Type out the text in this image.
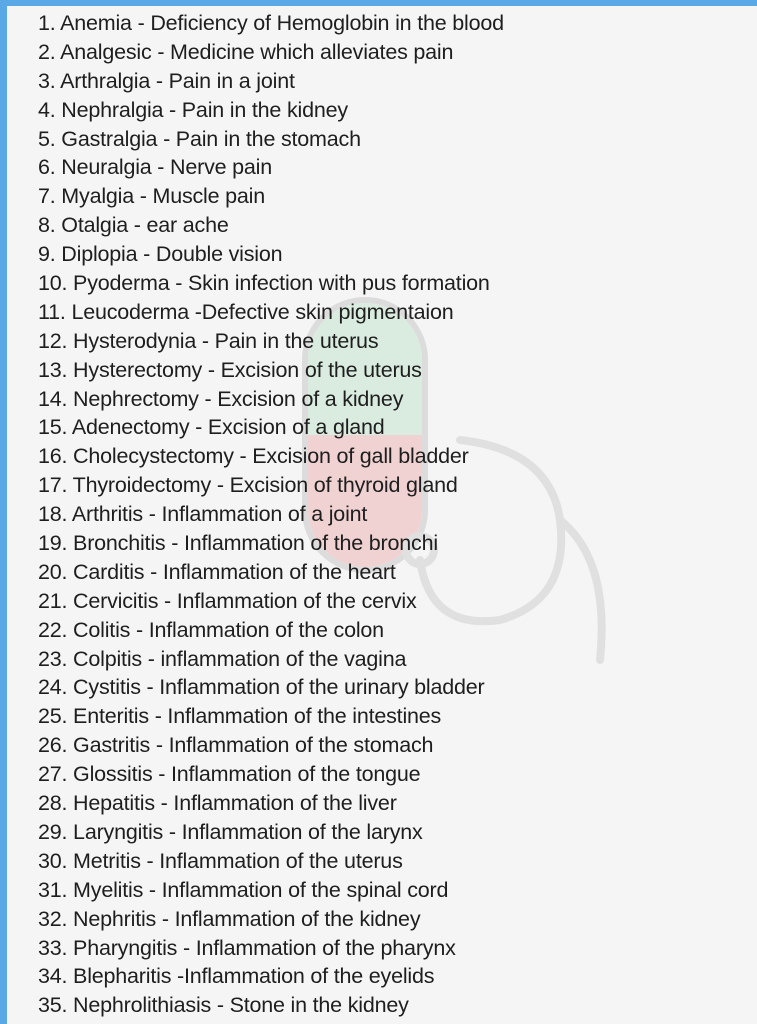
1. Anemia - Deficiency of Hemoglobin in the blood
2. Analgesic - Medicine which alleviates pain
3. Arthralgia - Pain in a joint
4. Nephralgia - Pain in the kidney
5. Gastralgia - Pain in the stomach
6. Neuralgia - Nerve pain
7. Myalgia - Muscle pain
8. Otalgia - ear ache
9. Diplopia - Double vision
10. Pyoderma - Skin infection with pus formation
11. Leucoderma -Defective skin pigmentaion
12. Hysterodynia - Pain in the uterus
13. Hysterectomy - Excision of the uterus
14. Nephrectomy - Excision of a kidney
15. Adenectomy - Excision of a gland
16. Cholecystectomy - Excision of gall bladder
17. Thyroidectomy - Excision of thyroid gland
18. Arthritis - Inflammation of a joint
19. Bronchitis - Inflammation of the bronchi
20. Carditis - Inflammation of the heart
21. Cervicitis - Inflammation of the cervix
22. Colitis - Inflammation of the colon
23. Colpitis - inflammation of the vagina
24. Cystitis - Inflammation of the urinary bladder
25. Enteritis - Inflammation of the intestines
26. Gastritis - Inflammation of the stomach
27. Glossitis - Inflammation of the tongue
28. Hepatitis - Inflammation of the liver
29. Laryngitis - Inflammation of the larynx
30. Metritis - Inflammation of the uterus
31. Myelitis - Inflammation of the spinal cord
32. Nephritis - Inflammation of the kidney
33. Pharyngitis - Inflammation of the pharynx
34. Blepharitis -Inflammation of the eyelids
35. Nephrolithiasis - Stone in the kidney
